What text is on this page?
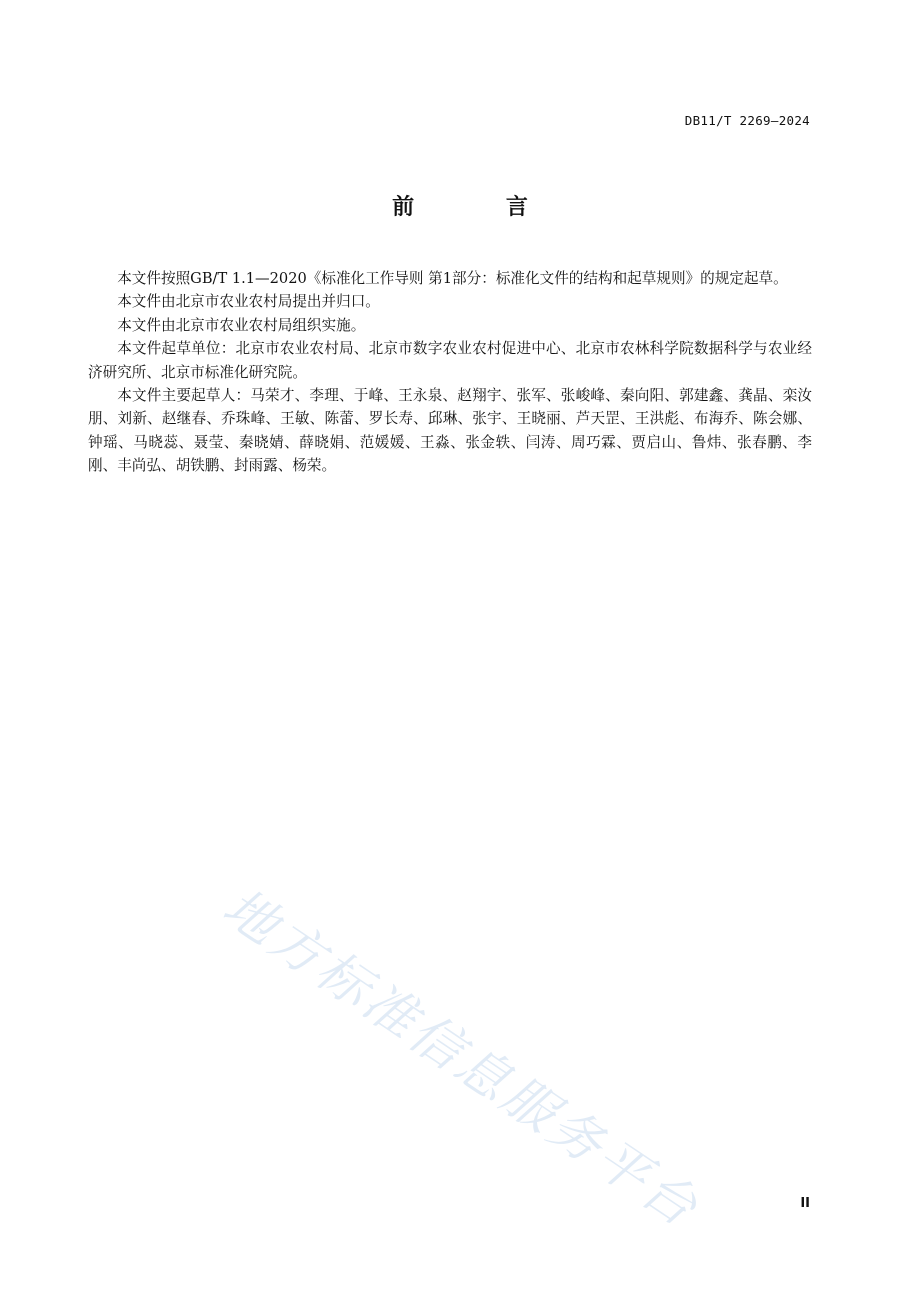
DB11/T 2269—2024
前 言

本文件按照GB/T 1.1—2020《标准化工作导则 第1部分：标准化文件的结构和起草规则》的规定起草。

本文件由北京市农业农村局提出并归口。

本文件由北京市农业农村局组织实施。

本文件起草单位：北京市农业农村局、北京市数字农业农村促进中心、北京市农林科学院数据科学与农业经济研究所、北京市标准化研究院。

本文件主要起草人：马荣才、李理、于峰、王永泉、赵翔宇、张军、张峻峰、秦向阳、郭建鑫、龚晶、栾汝朋、刘新、赵继春、乔珠峰、王敏、陈蕾、罗长寿、邱琳、张宇、王晓丽、芦天罡、王洪彪、布海乔、陈会娜、钟瑶、马晓蕊、聂莹、秦晓婧、薛晓娟、范媛媛、王淼、张金轶、闫涛、周巧霖、贾启山、鲁炜、张春鹏、李刚、丰尚弘、胡铁鹏、封雨露、杨荣。

地方标准信息服务平台	II
